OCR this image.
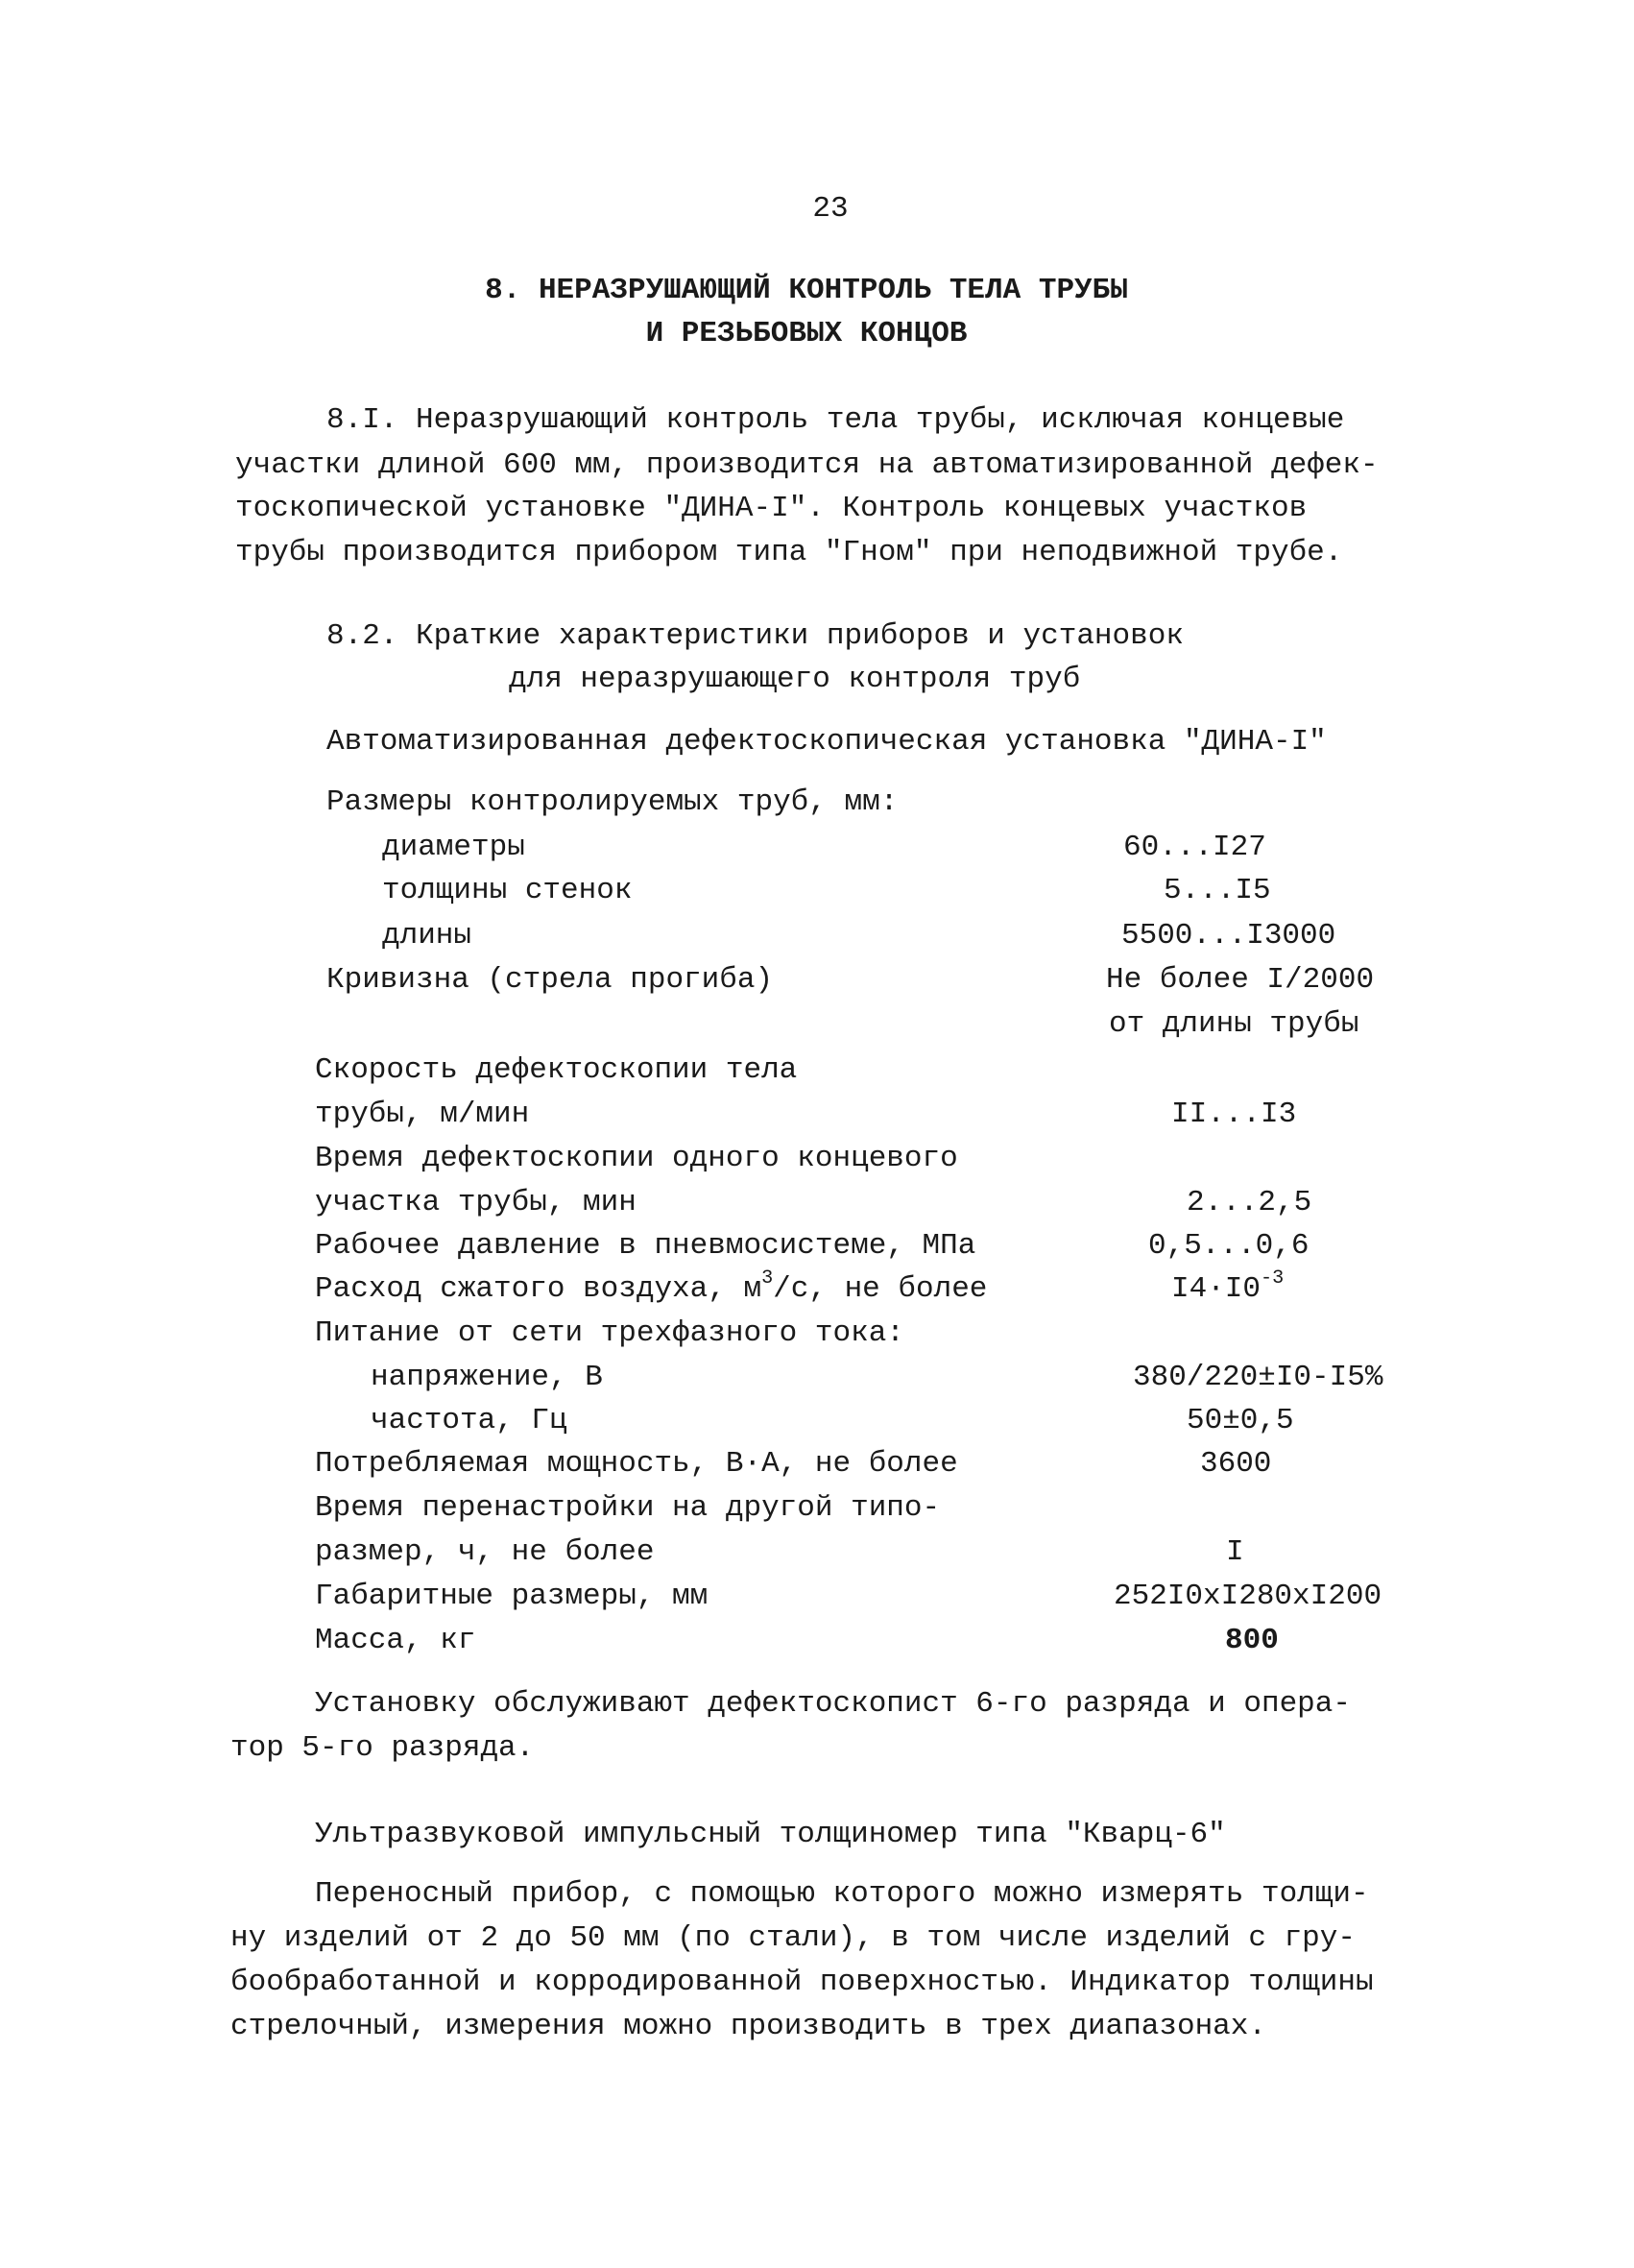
23
8. НЕРАЗРУШАЮЩИЙ КОНТРОЛЬ ТЕЛА ТРУБЫ
И РЕЗЬБОВЫХ КОНЦОВ
8.I. Неразрушающий контроль тела трубы, исключая концевые
участки длиной 600 мм, производится на автоматизированной дефек-
тоскопической установке "ДИНА-I". Контроль концевых участков
трубы производится прибором типа "Гном" при неподвижной трубе.
8.2. Краткие характеристики приборов и установок
для неразрушающего контроля труб
Автоматизированная дефектоскопическая установка "ДИНА-I"
Размеры контролируемых труб, мм:
диаметры	60...I27
толщины стенок	5...I5
длины	5500...I3000
Кривизна (стрела прогиба)	Не более I/2000
от длины трубы
Скорость дефектоскопии тела
трубы, м/мин	II...I3
Время дефектоскопии одного концевого
участка трубы, мин	2...2,5
Рабочее давление в пневмосистеме, МПа	0,5...0,6
Расход сжатого воздуха, $м^3/с$, не более	$I4\cdot I0^{-3}$
Питание от сети трехфазного тока:
напряжение, В	380/220±I0-I5%
частота, Гц	50±0,5
Потребляемая мощность, В·А, не более	3600
Время перенастройки на другой типо-
размер, ч, не более	I
Габаритные размеры, мм	252I0xI280xI200
Масса, кг	800
Установку обслуживают дефектоскопист 6-го разряда и опера-
тор 5-го разряда.
Ультразвуковой импульсный толщиномер типа "Кварц-6"
Переносный прибор, с помощью которого можно измерять толщи-
ну изделий от 2 до 50 мм (по стали), в том числе изделий с гру-
бообработанной и корродированной поверхностью. Индикатор толщины
стрелочный, измерения можно производить в трех диапазонах.
